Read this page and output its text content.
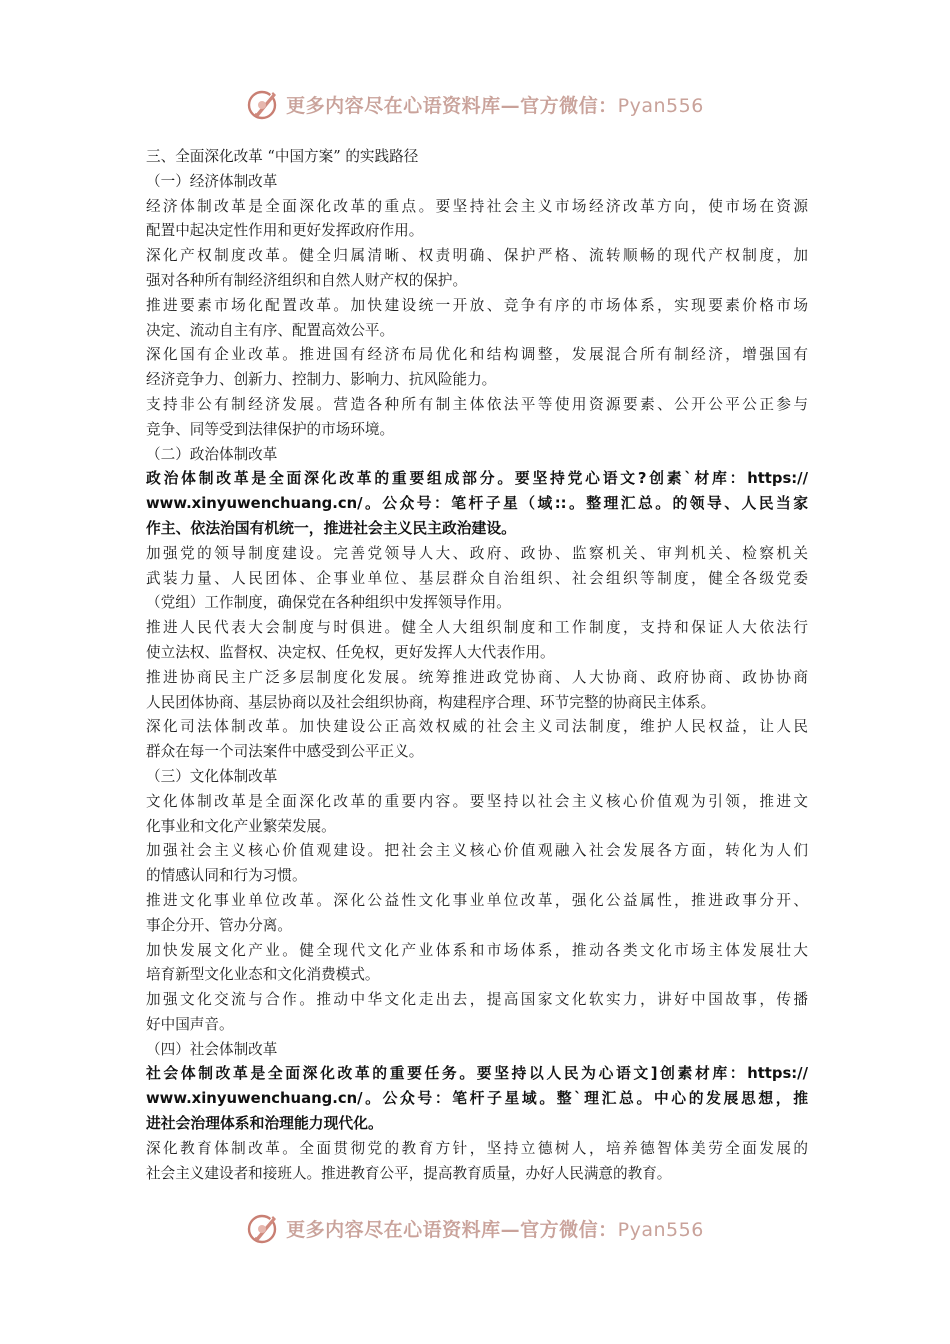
更多内容尽在心语资料库—官方微信：Pyan556
三、全面深化改革 “中国方案” 的实践路径
（一）经济体制改革
经济体制改革是全面深化改革的重点。要坚持社会主义市场经济改革方向，使市场在资源
配置中起决定性作用和更好发挥政府作用。
深化产权制度改革。健全归属清晰、权责明确、保护严格、流转顺畅的现代产权制度，加
强对各种所有制经济组织和自然人财产权的保护。
推进要素市场化配置改革。加快建设统一开放、竞争有序的市场体系，实现要素价格市场
决定、流动自主有序、配置高效公平。
深化国有企业改革。推进国有经济布局优化和结构调整，发展混合所有制经济，增强国有
经济竞争力、创新力、控制力、影响力、抗风险能力。
支持非公有制经济发展。营造各种所有制主体依法平等使用资源要素、公开公平公正参与
竞争、同等受到法律保护的市场环境。
（二）政治体制改革
政治体制改革是全面深化改革的重要组成部分。要坚持党心语文?创素`材库：https://
www.xinyuwenchuang.cn/。公众号：笔杆子星（域::。整理汇总。的领导、人民当家
作主、依法治国有机统一，推进社会主义民主政治建设。
加强党的领导制度建设。完善党领导人大、政府、政协、监察机关、审判机关、检察机关
武装力量、人民团体、企事业单位、基层群众自治组织、社会组织等制度，健全各级党委
（党组）工作制度，确保党在各种组织中发挥领导作用。
推进人民代表大会制度与时俱进。健全人大组织制度和工作制度，支持和保证人大依法行
使立法权、监督权、决定权、任免权，更好发挥人大代表作用。
推进协商民主广泛多层制度化发展。统筹推进政党协商、人大协商、政府协商、政协协商
人民团体协商、基层协商以及社会组织协商，构建程序合理、环节完整的协商民主体系。
深化司法体制改革。加快建设公正高效权威的社会主义司法制度，维护人民权益，让人民
群众在每一个司法案件中感受到公平正义。
（三）文化体制改革
文化体制改革是全面深化改革的重要内容。要坚持以社会主义核心价值观为引领，推进文
化事业和文化产业繁荣发展。
加强社会主义核心价值观建设。把社会主义核心价值观融入社会发展各方面，转化为人们
的情感认同和行为习惯。
推进文化事业单位改革。深化公益性文化事业单位改革，强化公益属性，推进政事分开、
事企分开、管办分离。
加快发展文化产业。健全现代文化产业体系和市场体系，推动各类文化市场主体发展壮大
培育新型文化业态和文化消费模式。
加强文化交流与合作。推动中华文化走出去，提高国家文化软实力，讲好中国故事，传播
好中国声音。
（四）社会体制改革
社会体制改革是全面深化改革的重要任务。要坚持以人民为心语文]创素材库：https://
www.xinyuwenchuang.cn/。公众号：笔杆子星域。整`理汇总。中心的发展思想，推
进社会治理体系和治理能力现代化。
深化教育体制改革。全面贯彻党的教育方针，坚持立德树人，培养德智体美劳全面发展的
社会主义建设者和接班人。推进教育公平，提高教育质量，办好人民满意的教育。
更多内容尽在心语资料库—官方微信：Pyan556
